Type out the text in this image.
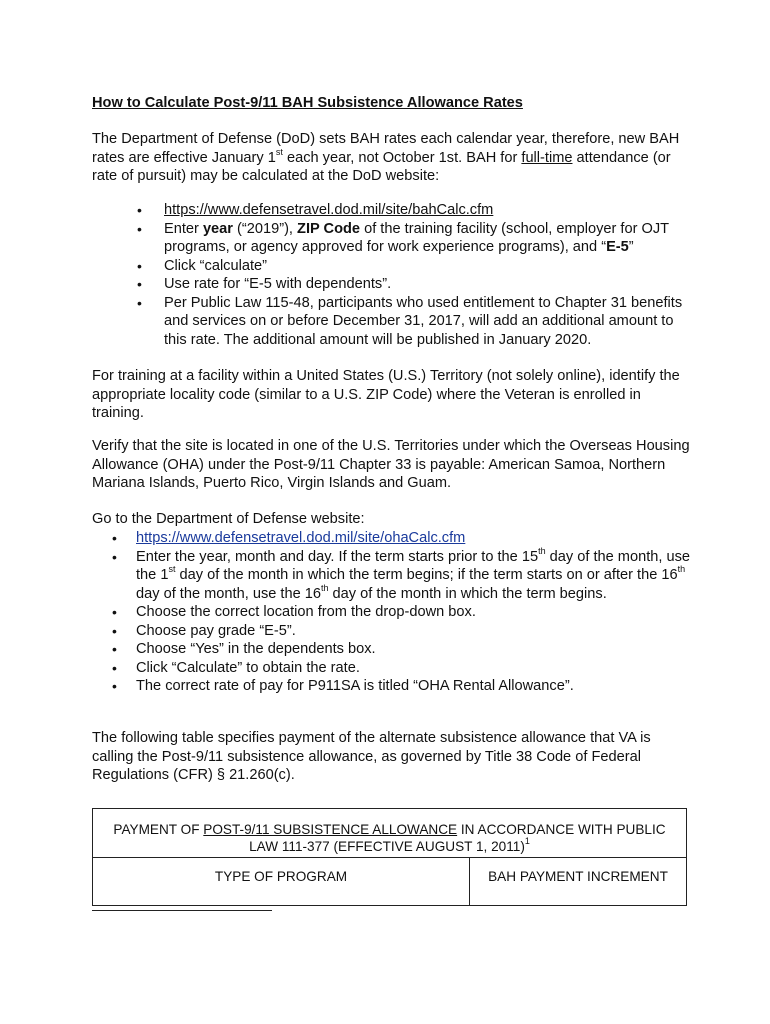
How to Calculate Post-9/11 BAH Subsistence Allowance Rates

The Department of Defense (DoD) sets BAH rates each calendar year, therefore, new BAH rates are effective January 1st each year, not October 1st. BAH for full-time attendance (or rate of pursuit) may be calculated at the DoD website:

• https://www.defensetravel.dod.mil/site/bahCalc.cfm
• Enter year (“2019”), ZIP Code of the training facility (school, employer for OJT programs, or agency approved for work experience programs), and “E-5”
• Click “calculate”
• Use rate for “E-5 with dependents”.
• Per Public Law 115-48, participants who used entitlement to Chapter 31 benefits and services on or before December 31, 2017, will add an additional amount to this rate. The additional amount will be published in January 2020.

For training at a facility within a United States (U.S.) Territory (not solely online), identify the appropriate locality code (similar to a U.S. ZIP Code) where the Veteran is enrolled in training.

Verify that the site is located in one of the U.S. Territories under which the Overseas Housing Allowance (OHA) under the Post-9/11 Chapter 33 is payable: American Samoa, Northern Mariana Islands, Puerto Rico, Virgin Islands and Guam.

Go to the Department of Defense website:

• https://www.defensetravel.dod.mil/site/ohaCalc.cfm
• Enter the year, month and day. If the term starts prior to the 15th day of the month, use the 1st day of the month in which the term begins; if the term starts on or after the 16th day of the month, use the 16th day of the month in which the term begins.
• Choose the correct location from the drop-down box.
• Choose pay grade “E-5”.
• Choose “Yes” in the dependents box.
• Click “Calculate” to obtain the rate.
• The correct rate of pay for P911SA is titled “OHA Rental Allowance”.

The following table specifies payment of the alternate subsistence allowance that VA is calling the Post-9/11 subsistence allowance, as governed by Title 38 Code of Federal Regulations (CFR) § 21.260(c).

PAYMENT OF POST-9/11 SUBSISTENCE ALLOWANCE IN ACCORDANCE WITH PUBLIC LAW 111-377 (EFFECTIVE AUGUST 1, 2011)$^1$
TYPE OF PROGRAM	BAH PAYMENT INCREMENT
